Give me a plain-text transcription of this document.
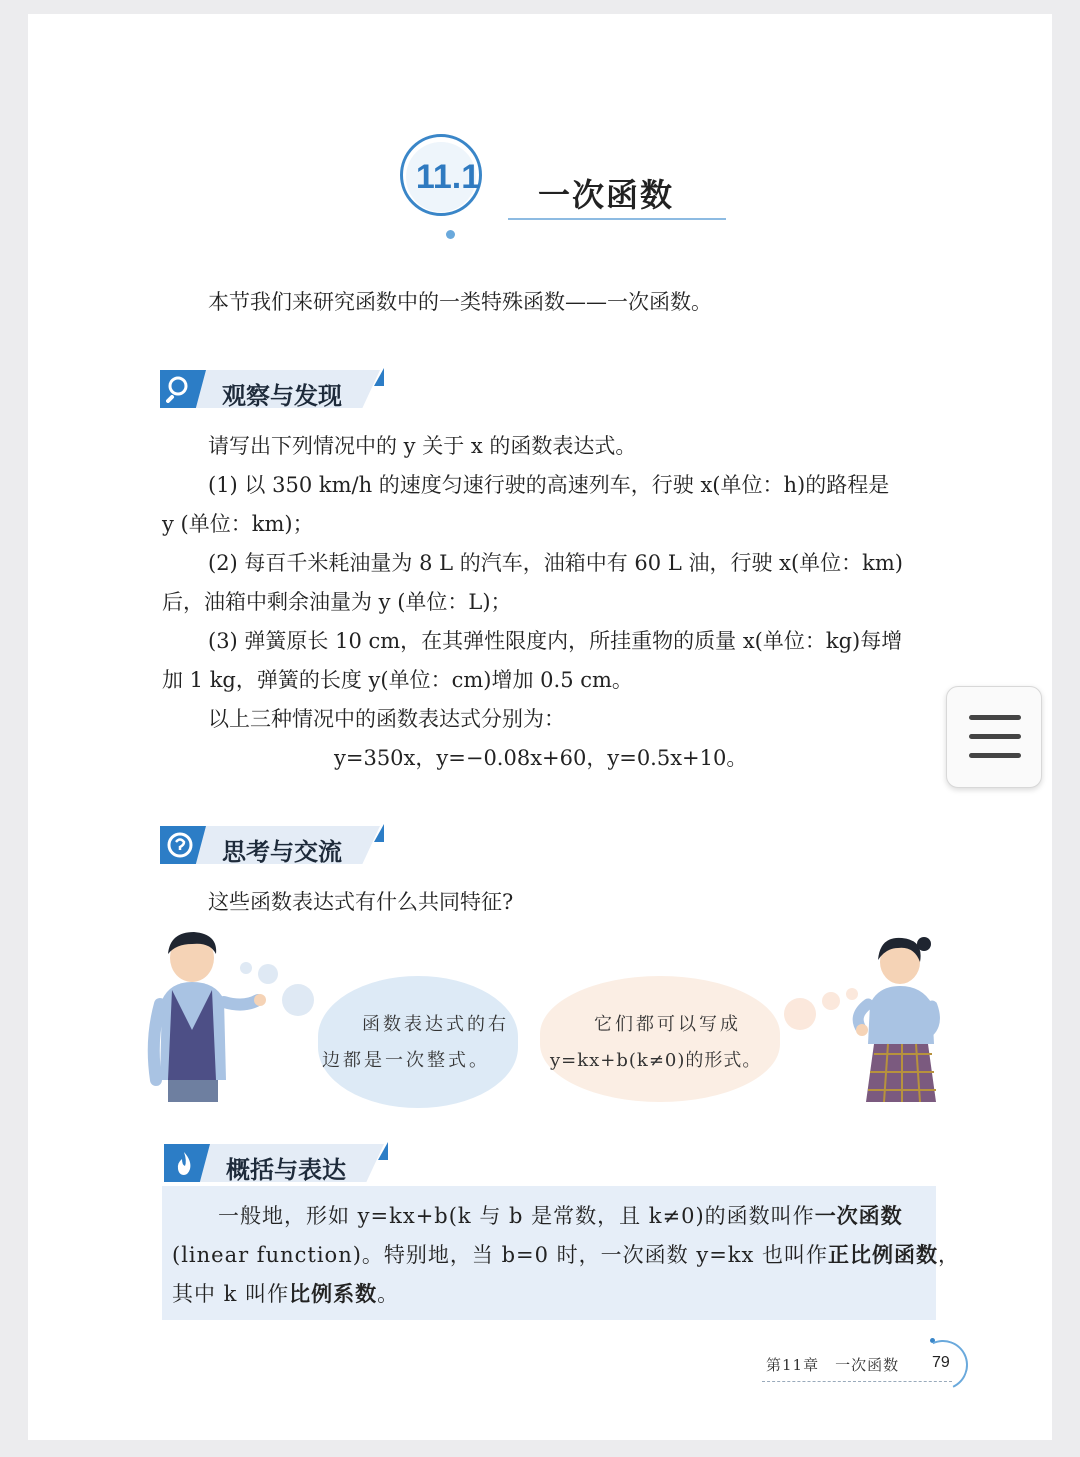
11.1 一次函数
本节我们来研究函数中的一类特殊函数——一次函数。
观察与发现
请写出下列情况中的 y 关于 x 的函数表达式。
(1) 以 350 km/h 的速度匀速行驶的高速列车，行驶 x(单位：h)的路程是
y (单位：km)；
(2) 每百千米耗油量为 8 L 的汽车，油箱中有 60 L 油，行驶 x(单位：km)
后，油箱中剩余油量为 y (单位：L)；
(3) 弹簧原长 10 cm，在其弹性限度内，所挂重物的质量 x(单位：kg)每增
加 1 kg，弹簧的长度 y(单位：cm)增加 0.5 cm。
以上三种情况中的函数表达式分别为：
y=350x，y=−0.08x+60，y=0.5x+10。
思考与交流
这些函数表达式有什么共同特征?
函数表达式的右
边都是一次整式。
它们都可以写成
y=kx+b(k≠0)的形式。
概括与表达
一般地，形如 y=kx+b(k 与 b 是常数，且 k≠0)的函数叫作一次函数
(linear function)。特别地，当 b=0 时，一次函数 y=kx 也叫作正比例函数，
其中 k 叫作比例系数。
第11章　一次函数 79
